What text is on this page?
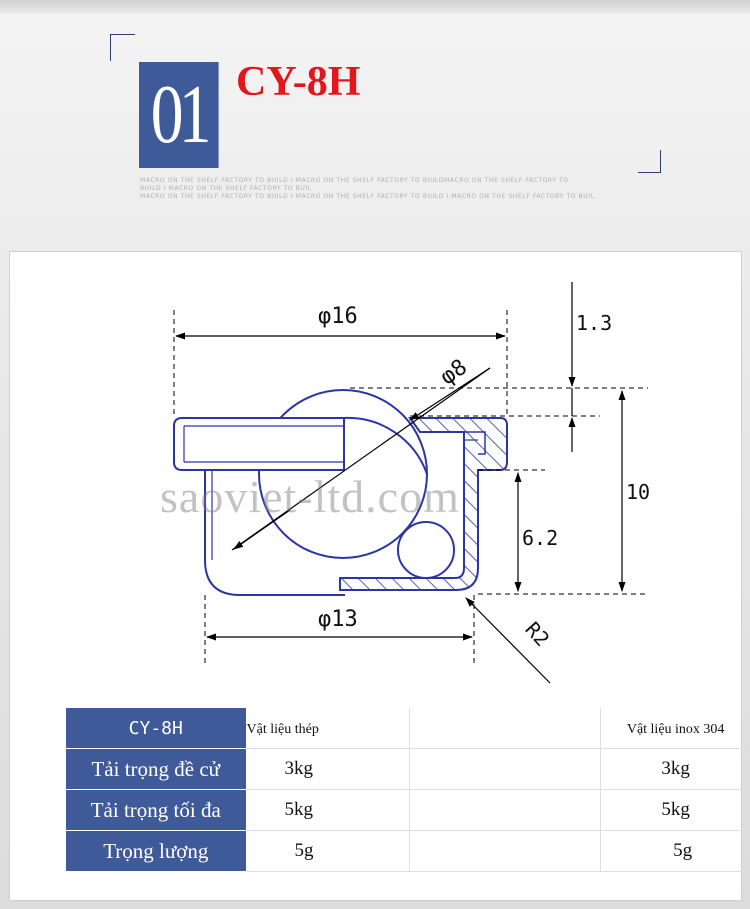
01 CY-8H
MACRO ON THE SHELF FACTORY TO BUILD I MACRO ON THE SHELF FACTORY TO BUILDMACRO ON THE SHELF FACTORY TO
BUILD I MACRO ON THE SHELF FACTORY TO BUIL
MACRO ON THE SHELF FACTORY TO BUILD I MACRO ON THE SHELF FACTORY TO BUILD I MACRO ON THE SHELF FACTORY TO BUIL
φ16
φ8
1.3
10
6.2
φ13	R2
saoviet-ltd.com
CY-8H	Vật liệu thép		Vật liệu inox 304
Tải trọng đề cử	3kg		3kg
Tải trọng tối đa	5kg		5kg
Trọng lượng	5g		5g
